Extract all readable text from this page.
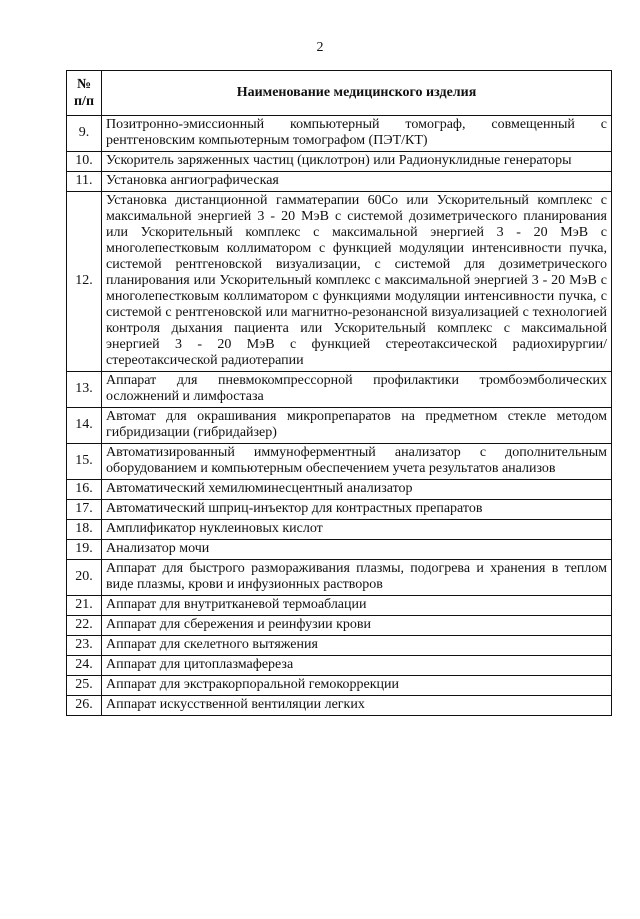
2
№
п/п	Наименование медицинского изделия
9.	Позитронно-эмиссионный компьютерный томограф, совмещенный с рентгеновским компьютерным томографом (ПЭТ/КТ)
10.	Ускоритель заряженных частиц (циклотрон) или Радионуклидные генераторы
11.	Установка ангиографическая
12.	Установка дистанционной гамматерапии 60Со или Ускорительный комплекс с максимальной энергией 3 - 20 МэВ с системой дозиметрического планирования или Ускорительный комплекс с максимальной энергией 3 - 20 МэВ с многолепестковым коллиматором с функцией модуляции интенсивности пучка, системой рентгеновской визуализации, с системой для дозиметрического планирования или Ускорительный комплекс с максимальной энергией 3 - 20 МэВ с многолепестковым коллиматором с функциями модуляции интенсивности пучка, с системой с рентгеновской или магнитно-резонансной визуализацией с технологией контроля дыхания пациента или Ускорительный комплекс с максимальной энергией 3 - 20 МэВ с функцией стереотаксической радиохирургии/стереотаксической радиотерапии
13.	Аппарат для пневмокомпрессорной профилактики тромбоэмболических осложнений и лимфостаза
14.	Автомат для окрашивания микропрепаратов на предметном стекле методом гибридизации (гибридайзер)
15.	Автоматизированный иммуноферментный анализатор с дополнительным оборудованием и компьютерным обеспечением учета результатов анализов
16.	Автоматический хемилюминесцентный анализатор
17.	Автоматический шприц-инъектор для контрастных препаратов
18.	Амплификатор нуклеиновых кислот
19.	Анализатор мочи
20.	Аппарат для быстрого размораживания плазмы, подогрева и хранения в теплом виде плазмы, крови и инфузионных растворов
21.	Аппарат для внутритканевой термоаблации
22.	Аппарат для сбережения и реинфузии крови
23.	Аппарат для скелетного вытяжения
24.	Аппарат для цитоплазмафереза
25.	Аппарат для экстракорпоральной гемокоррекции
26.	Аппарат искусственной вентиляции легких
